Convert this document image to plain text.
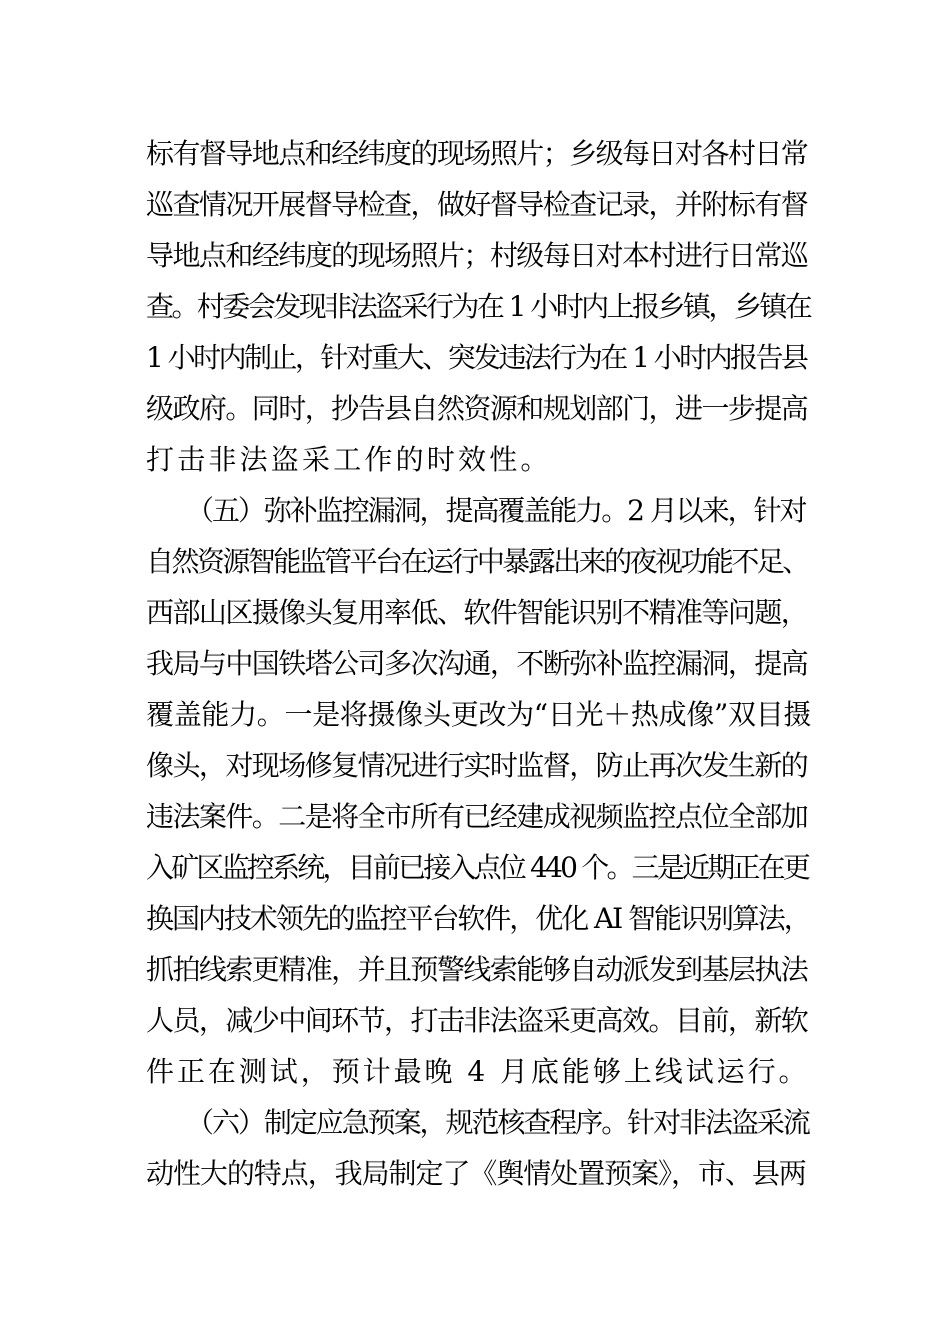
标有督导地点和经纬度的现场照片；乡级每日对各村日常
巡查情况开展督导检查，做好督导检查记录，并附标有督
导地点和经纬度的现场照片；村级每日对本村进行日常巡
查。村委会发现非法盗采行为在 1 小时内上报乡镇，乡镇在
1 小时内制止，针对重大、突发违法行为在 1 小时内报告县
级政府。同时，抄告县自然资源和规划部门，进一步提高
打击非法盗采工作的时效性。
（五）弥补监控漏洞，提高覆盖能力。2 月以来，针对
自然资源智能监管平台在运行中暴露出来的夜视功能不足、
西部山区摄像头复用率低、软件智能识别不精准等问题，
我局与中国铁塔公司多次沟通，不断弥补监控漏洞，提高
覆盖能力。一是将摄像头更改为“日光＋热成像”双目摄
像头，对现场修复情况进行实时监督，防止再次发生新的
违法案件。二是将全市所有已经建成视频监控点位全部加
入矿区监控系统，目前已接入点位 440 个。三是近期正在更
换国内技术领先的监控平台软件，优化 AI 智能识别算法，
抓拍线索更精准，并且预警线索能够自动派发到基层执法
人员，减少中间环节，打击非法盗采更高效。目前，新软
件正在测试，预计最晚 4 月底能够上线试运行。
（六）制定应急预案，规范核查程序。针对非法盗采流
动性大的特点，我局制定了《舆情处置预案》，市、县两
